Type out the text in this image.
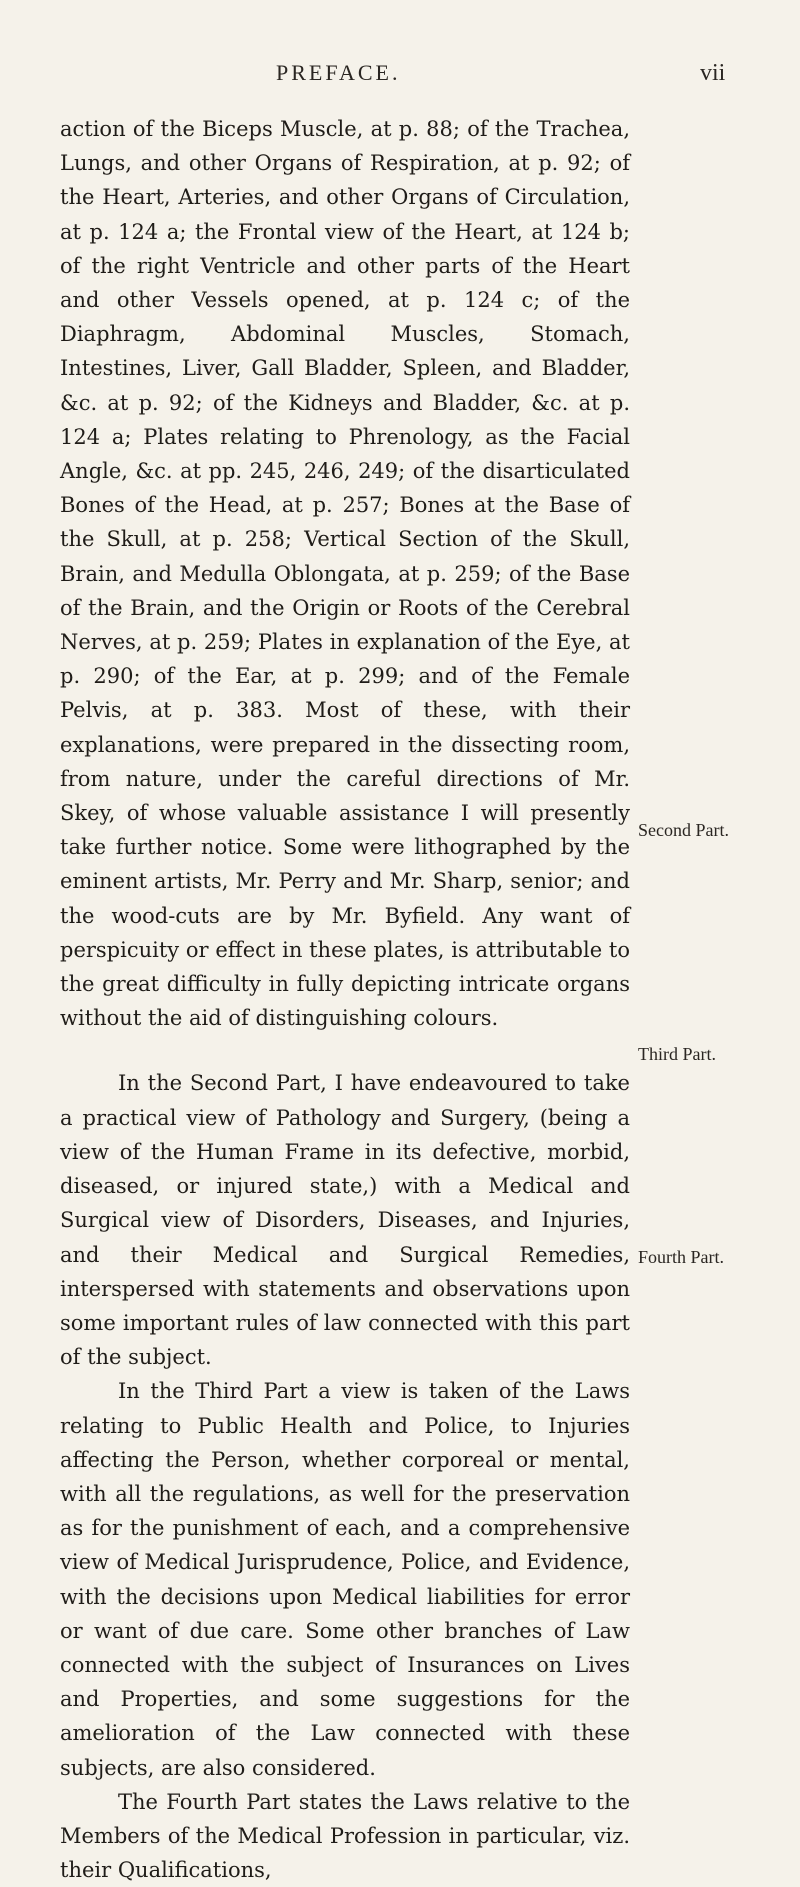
PREFACE.	vii

action of the Biceps Muscle, at p. 88; of the Trachea, Lungs, and other Organs of Respiration, at p. 92; of the Heart, Arteries, and other Organs of Circulation, at p. 124 a; the Frontal view of the Heart, at 124 b; of the right Ventricle and other parts of the Heart and other Vessels opened, at p. 124 c; of the Diaphragm, Abdominal Muscles, Stomach, Intestines, Liver, Gall Bladder, Spleen, and Bladder, &c. at p. 92; of the Kidneys and Bladder, &c. at p. 124 a; Plates relating to Phrenology, as the Facial Angle, &c. at pp. 245, 246, 249; of the disarticulated Bones of the Head, at p. 257; Bones at the Base of the Skull, at p. 258; Vertical Section of the Skull, Brain, and Medulla Oblongata, at p. 259; of the Base of the Brain, and the Origin or Roots of the Cerebral Nerves, at p. 259; Plates in explanation of the Eye, at p. 290; of the Ear, at p. 299; and of the Female Pelvis, at p. 383. Most of these, with their explanations, were prepared in the dissecting room, from nature, under the careful directions of Mr. Skey, of whose valuable assistance I will presently take further notice. Some were lithographed by the eminent artists, Mr. Perry and Mr. Sharp, senior; and the wood-cuts are by Mr. Byfield. Any want of perspicuity or effect in these plates, is attributable to the great difficulty in fully depicting intricate organs without the aid of distinguishing colours.

In the Second Part, I have endeavoured to take a practical view of Pathology and Surgery, (being a view of the Human Frame in its defective, morbid, diseased, or injured state,) with a Medical and Surgical view of Disorders, Diseases, and Injuries, and their Medical and Surgical Remedies, interspersed with statements and observations upon some important rules of law connected with this part of the subject.

In the Third Part a view is taken of the Laws relating to Public Health and Police, to Injuries affecting the Person, whether corporeal or mental, with all the regulations, as well for the preservation as for the punishment of each, and a comprehensive view of Medical Jurisprudence, Police, and Evidence, with the decisions upon Medical liabilities for error or want of due care. Some other branches of Law connected with the subject of Insurances on Lives and Properties, and some suggestions for the amelioration of the Law connected with these subjects, are also considered.

The Fourth Part states the Laws relative to the Members of the Medical Profession in particular, viz. their Qualifications,

Second Part.
Third Part.
Fourth Part.
